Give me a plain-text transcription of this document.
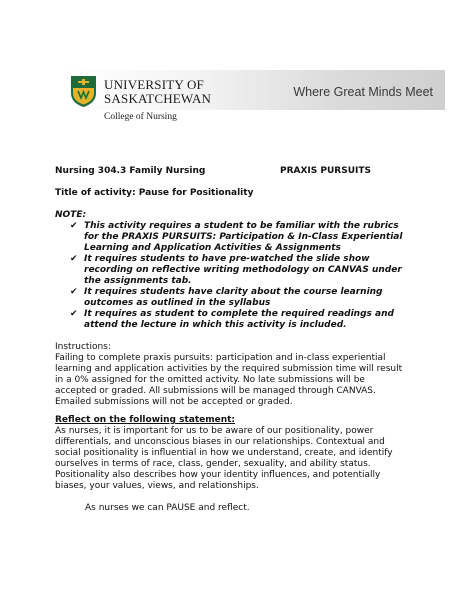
Where Great Minds Meet
UNIVERSITY OF
SASKATCHEWAN
College of Nursing
Nursing 304.3 Family Nursing	PRAXIS PURSUITS
Title of activity: Pause for Positionality
NOTE:
✔ This activity requires a student to be familiar with the rubrics
for the PRAXIS PURSUITS: Participation & In-Class Experiential
Learning and Application Activities & Assignments
✔ It requires students to have pre-watched the slide show
recording on reflective writing methodology on CANVAS under
the assignments tab.
✔ It requires students have clarity about the course learning
outcomes as outlined in the syllabus
✔ It requires as student to complete the required readings and
attend the lecture in which this activity is included.
Instructions:
Failing to complete praxis pursuits: participation and in-class experiential
learning and application activities by the required submission time will result
in a 0% assigned for the omitted activity. No late submissions will be
accepted or graded. All submissions will be managed through CANVAS.
Emailed submissions will not be accepted or graded.
Reflect on the following statement:
As nurses, it is important for us to be aware of our positionality, power
differentials, and unconscious biases in our relationships. Contextual and
social positionality is influential in how we understand, create, and identify
ourselves in terms of race, class, gender, sexuality, and ability status.
Positionality also describes how your identity influences, and potentially
biases, your values, views, and relationships.
As nurses we can PAUSE and reflect.
